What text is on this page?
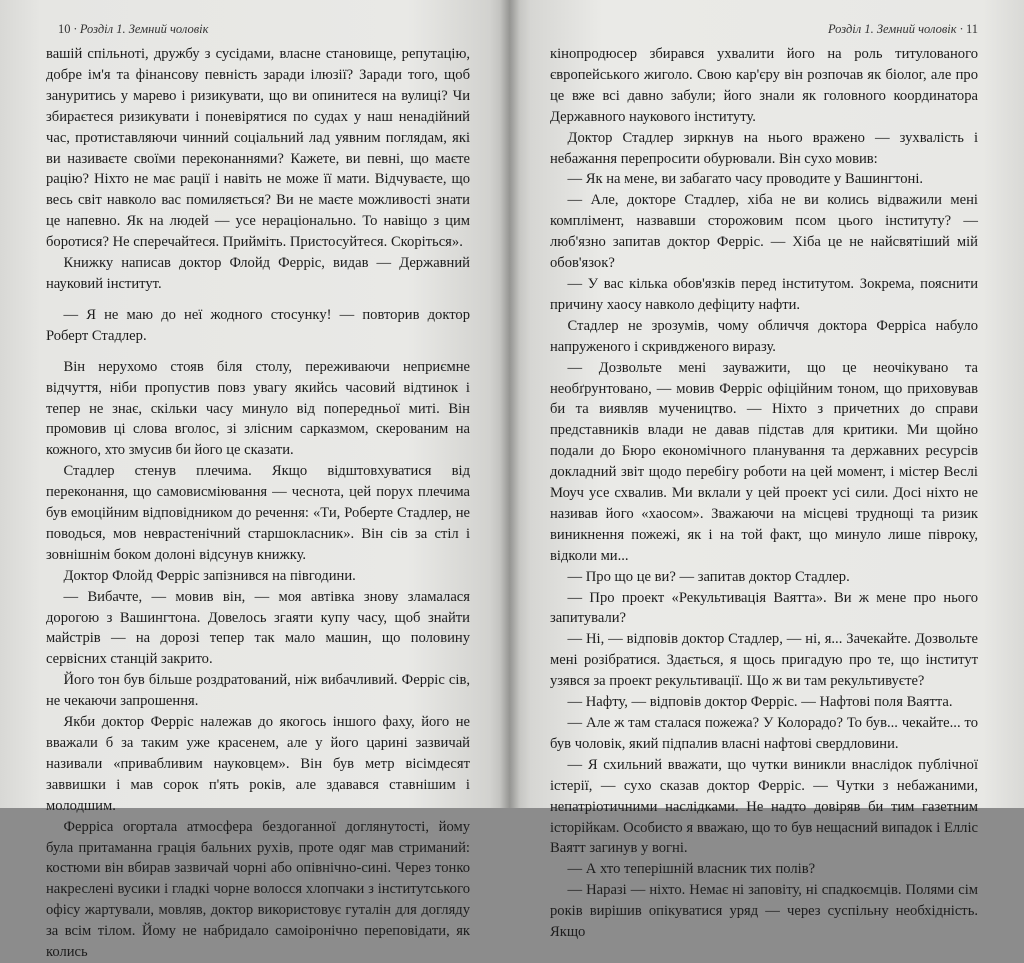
10 · Розділ 1. Земний чоловік

вашій спільноті, дружбу з сусідами, власне становище, репутацію, добре ім'я та фінансову певність заради ілюзії? Заради того, щоб зануритись у марево і ризикувати, що ви опинитеся на вулиці? Чи збираєтеся ризикувати і поневірятися по судах у наш ненадійний час, протиставляючи чинний соціальний лад уявним поглядам, які ви називаєте своїми переконаннями? Кажете, ви певні, що маєте рацію? Ніхто не має рації і навіть не може її мати. Відчуваєте, що весь світ навколо вас помиляється? Ви не маєте можливості знати це напевно. Як на людей — усе нераціонально. То навіщо з цим боротися? Не сперечайтеся. Прийміть. Пристосуйтеся. Скоріться».

Книжку написав доктор Флойд Ферріс, видав — Державний науковий інститут.

— Я не маю до неї жодного стосунку! — повторив доктор Роберт Стадлер.

Він нерухомо стояв біля столу, переживаючи неприємне відчуття, ніби пропустив повз увагу якийсь часовий відтинок і тепер не знає, скільки часу минуло від попередньої миті. Він промовив ці слова вголос, зі злісним сарказмом, скерованим на кожного, хто змусив би його це сказати.

Стадлер стенув плечима. Якщо відштовхуватися від переконання, що самовисміювання — чеснота, цей порух плечима був емоційним відповідником до речення: «Ти, Роберте Стадлер, не поводься, мов неврастенічний старшокласник». Він сів за стіл і зовнішнім боком долоні відсунув книжку.

Доктор Флойд Ферріс запізнився на півгодини.

— Вибачте, — мовив він, — моя автівка знову зламалася дорогою з Вашингтона. Довелось згаяти купу часу, щоб знайти майстрів — на дорозі тепер так мало машин, що половину сервісних станцій закрито.

Його тон був більше роздратований, ніж вибачливий. Ферріс сів, не чекаючи запрошення.

Якби доктор Ферріс належав до якогось іншого фаху, його не вважали б за таким уже красенем, але у його царині зазвичай називали «привабливим науковцем». Він був метр вісімдесят заввишки і мав сорок п'ять років, але здавався ставнішим і молодшим.

Ферріса огортала атмосфера бездоганної доглянутості, йому була притаманна грація бальних рухів, проте одяг мав стриманий: костюми він вбирав зазвичай чорні або опівнічно-сині. Через тонко накреслені вусики і гладкі чорне волосся хлопчаки з інститутського офісу жартували, мовляв, доктор використовує гуталін для догляду за всім тілом. Йому не набридало самоіронічно переповідати, як колись

Розділ 1. Земний чоловік · 11

кінопродюсер збирався ухвалити його на роль титулованого європейського жиголо. Свою кар'єру він розпочав як біолог, але про це вже всі давно забули; його знали як головного координатора Державного наукового інституту.

Доктор Стадлер зиркнув на нього вражено — зухвалість і небажання перепросити обурювали. Він сухо мовив:

— Як на мене, ви забагато часу проводите у Вашингтоні.

— Але, докторе Стадлер, хіба не ви колись відважили мені комплімент, назвавши сторожовим псом цього інституту? — люб'язно запитав доктор Ферріс. — Хіба це не найсвятіший мій обов'язок?

— У вас кілька обов'язків перед інститутом. Зокрема, пояснити причину хаосу навколо дефіциту нафти.

Стадлер не зрозумів, чому обличчя доктора Ферріса набуло напруженого і скривдженого виразу.

— Дозвольте мені зауважити, що це неочікувано та необґрунтовано, — мовив Ферріс офіційним тоном, що приховував би та виявляв мучеництво. — Ніхто з причетних до справи представників влади не давав підстав для критики. Ми щойно подали до Бюро економічного планування та державних ресурсів докладний звіт щодо перебігу роботи на цей момент, і містер Веслі Моуч усе схвалив. Ми вклали у цей проект усі сили. Досі ніхто не називав його «хаосом». Зважаючи на місцеві труднощі та ризик виникнення пожежі, як і на той факт, що минуло лише півроку, відколи ми...

— Про що це ви? — запитав доктор Стадлер.

— Про проект «Рекультивація Ваятта». Ви ж мене про нього запитували?

— Ні, — відповів доктор Стадлер, — ні, я... Зачекайте. Дозвольте мені розібратися. Здається, я щось пригадую про те, що інститут узявся за проект рекультивації. Що ж ви там рекультивуєте?

— Нафту, — відповів доктор Ферріс. — Нафтові поля Ваятта.

— Але ж там сталася пожежа? У Колорадо? То був... чекайте... то був чоловік, який підпалив власні нафтові свердловини.

— Я схильний вважати, що чутки виникли внаслідок публічної істерії, — сухо сказав доктор Ферріс. — Чутки з небажаними, непатріотичними наслідками. Не надто довіряв би тим газетним історійкам. Особисто я вважаю, що то був нещасний випадок і Елліс Ваятт загинув у вогні.

— А хто теперішній власник тих полів?

— Наразі — ніхто. Немає ні заповіту, ні спадкоємців. Полями сім років вирішив опікуватися уряд — через суспільну необхідність. Якщо
